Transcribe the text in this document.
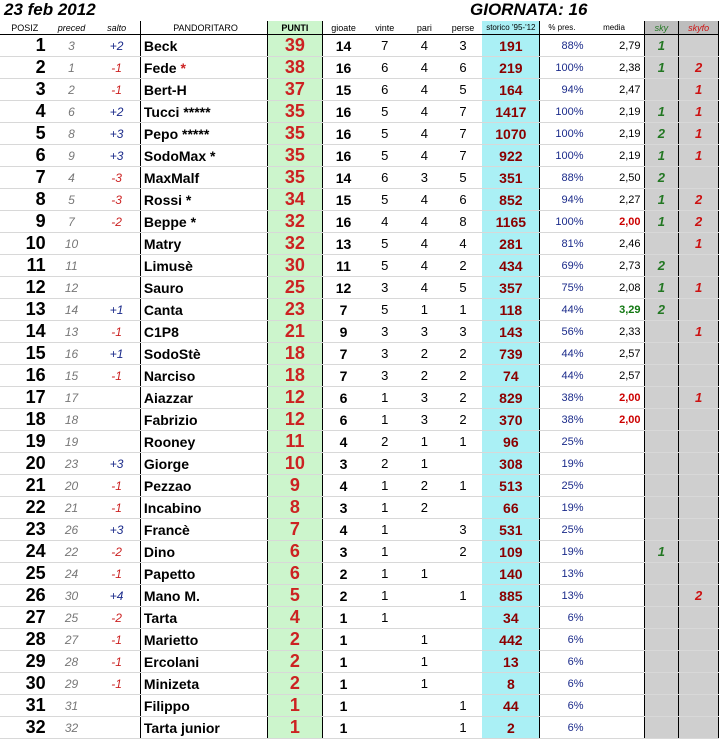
23 feb 2012	GIORNATA: 16
POSIZ	preced	salto	PANDORITARO	PUNTI	gioate	vinte	pari	perse	storico '95-'12	% pres.	media	sky	skyfo
1	3	+2	Beck	39	14	7	4	3	191	88%	2,79	1	
2	1	-1	Fede *	38	16	6	4	6	219	100%	2,38	1	2
3	2	-1	Bert-H	37	15	6	4	5	164	94%	2,47		1
4	6	+2	Tucci *****	35	16	5	4	7	1417	100%	2,19	1	1
5	8	+3	Pepo *****	35	16	5	4	7	1070	100%	2,19	2	1
6	9	+3	SodoMax *	35	16	5	4	7	922	100%	2,19	1	1
7	4	-3	MaxMalf	35	14	6	3	5	351	88%	2,50	2	
8	5	-3	Rossi *	34	15	5	4	6	852	94%	2,27	1	2
9	7	-2	Beppe *	32	16	4	4	8	1165	100%	2,00	1	2
10	10		Matry	32	13	5	4	4	281	81%	2,46		1
11	11		Limusè	30	11	5	4	2	434	69%	2,73	2	
12	12		Sauro	25	12	3	4	5	357	75%	2,08	1	1
13	14	+1	Canta	23	7	5	1	1	118	44%	3,29	2	
14	13	-1	C1P8	21	9	3	3	3	143	56%	2,33		1
15	16	+1	SodoStè	18	7	3	2	2	739	44%	2,57		
16	15	-1	Narciso	18	7	3	2	2	74	44%	2,57		
17	17		Aiazzar	12	6	1	3	2	829	38%	2,00		1
18	18		Fabrizio	12	6	1	3	2	370	38%	2,00		
19	19		Rooney	11	4	2	1	1	96	25%			
20	23	+3	Giorge	10	3	2	1		308	19%			
21	20	-1	Pezzao	9	4	1	2	1	513	25%			
22	21	-1	Incabino	8	3	1	2		66	19%			
23	26	+3	Francè	7	4	1		3	531	25%			
24	22	-2	Dino	6	3	1		2	109	19%		1	
25	24	-1	Papetto	6	2	1	1		140	13%			
26	30	+4	Mano M.	5	2	1		1	885	13%			2
27	25	-2	Tarta	4	1	1			34	6%			
28	27	-1	Marietto	2	1		1		442	6%			
29	28	-1	Ercolani	2	1		1		13	6%			
30	29	-1	Minizeta	2	1		1		8	6%			
31	31		Filippo	1	1			1	44	6%			
32	32		Tarta junior	1	1			1	2	6%			
